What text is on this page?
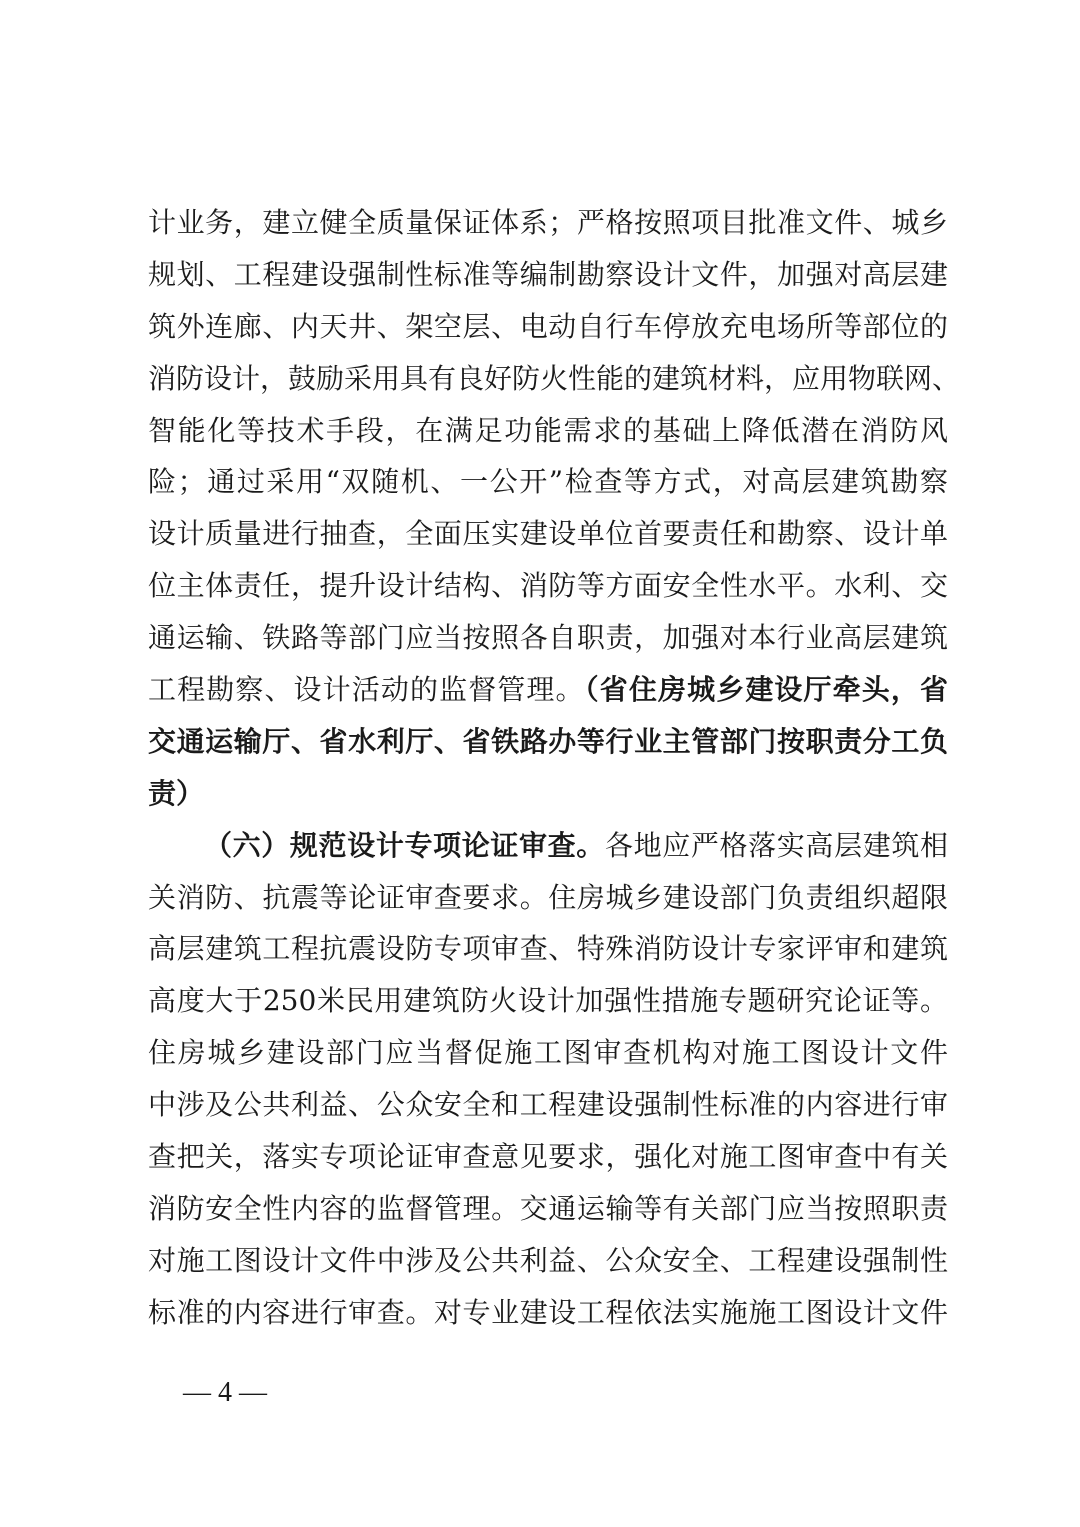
计业务，建立健全质量保证体系；严格按照项目批准文件、城乡
规划、工程建设强制性标准等编制勘察设计文件，加强对高层建
筑外连廊、内天井、架空层、电动自行车停放充电场所等部位的
消防设计，鼓励采用具有良好防火性能的建筑材料，应用物联网、
智能化等技术手段，在满足功能需求的基础上降低潜在消防风
险；通过采用“双随机、一公开”检查等方式，对高层建筑勘察
设计质量进行抽查，全面压实建设单位首要责任和勘察、设计单
位主体责任，提升设计结构、消防等方面安全性水平。水利、交
通运输、铁路等部门应当按照各自职责，加强对本行业高层建筑
工程勘察、设计活动的监督管理。（省住房城乡建设厅牵头，省
交通运输厅、省水利厅、省铁路办等行业主管部门按职责分工负
责）
（六）规范设计专项论证审查。各地应严格落实高层建筑相
关消防、抗震等论证审查要求。住房城乡建设部门负责组织超限
高层建筑工程抗震设防专项审查、特殊消防设计专家评审和建筑
高度大于250米民用建筑防火设计加强性措施专题研究论证等。
住房城乡建设部门应当督促施工图审查机构对施工图设计文件
中涉及公共利益、公众安全和工程建设强制性标准的内容进行审
查把关，落实专项论证审查意见要求，强化对施工图审查中有关
消防安全性内容的监督管理。交通运输等有关部门应当按照职责
对施工图设计文件中涉及公共利益、公众安全、工程建设强制性
标准的内容进行审查。对专业建设工程依法实施施工图设计文件
— 4 —
